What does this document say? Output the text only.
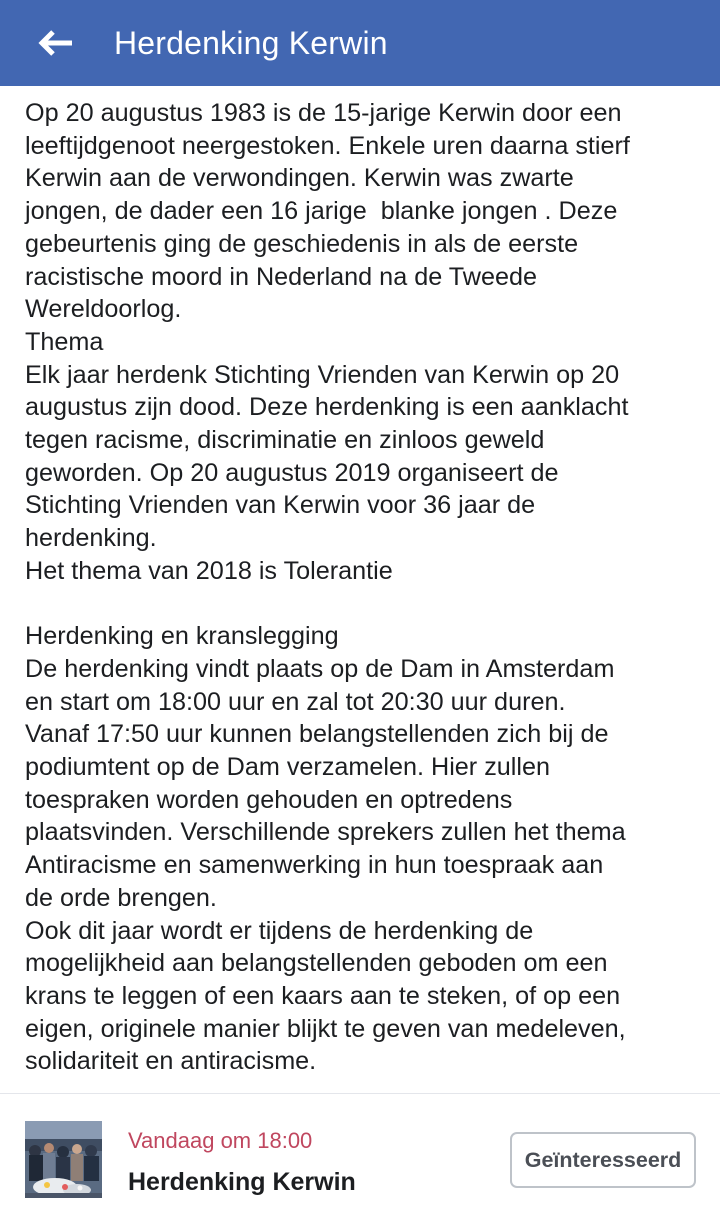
Herdenking Kerwin

Op 20 augustus 1983 is de 15-jarige Kerwin door een
leeftijdgenoot neergestoken. Enkele uren daarna stierf
Kerwin aan de verwondingen. Kerwin was zwarte
jongen, de dader een 16 jarige  blanke jongen . Deze
gebeurtenis ging de geschiedenis in als de eerste
racistische moord in Nederland na de Tweede
Wereldoorlog.
Thema
Elk jaar herdenk Stichting Vrienden van Kerwin op 20
augustus zijn dood. Deze herdenking is een aanklacht
tegen racisme, discriminatie en zinloos geweld
geworden. Op 20 augustus 2019 organiseert de
Stichting Vrienden van Kerwin voor 36 jaar de
herdenking.
Het thema van 2018 is Tolerantie

Herdenking en kranslegging
De herdenking vindt plaats op de Dam in Amsterdam
en start om 18:00 uur en zal tot 20:30 uur duren.
Vanaf 17:50 uur kunnen belangstellenden zich bij de
podiumtent op de Dam verzamelen. Hier zullen
toespraken worden gehouden en optredens
plaatsvinden. Verschillende sprekers zullen het thema
Antiracisme en samenwerking in hun toespraak aan
de orde brengen.
Ook dit jaar wordt er tijdens de herdenking de
mogelijkheid aan belangstellenden geboden om een
krans te leggen of een kaars aan te steken, of op een
eigen, originele manier blijkt te geven van medeleven,
solidariteit en antiracisme.

Vandaag om 18:00
Herdenking Kerwin
Geïnteresseerd
